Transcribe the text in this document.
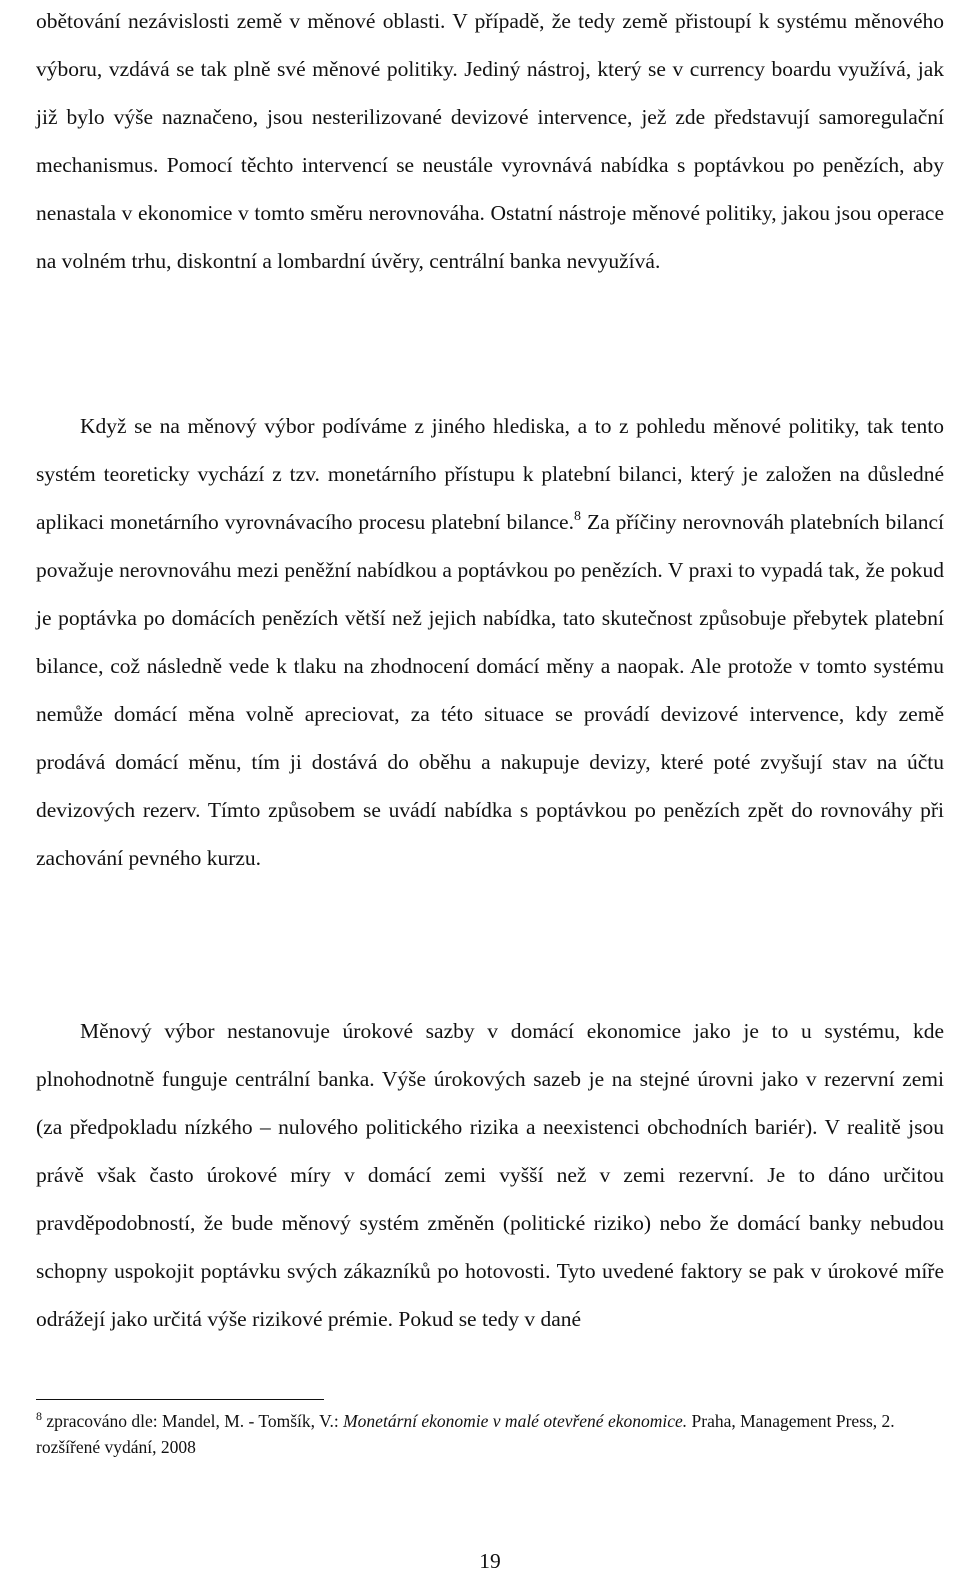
obětování nezávislosti země v měnové oblasti. V případě, že tedy země přistoupí k systému měnového výboru, vzdává se tak plně své měnové politiky. Jediný nástroj, který se v currency boardu využívá, jak již bylo výše naznačeno, jsou nesterilizované devizové intervence, jež zde představují samoregulační mechanismus. Pomocí těchto intervencí se neustále vyrovnává nabídka s poptávkou po penězích, aby nenastala v ekonomice v tomto směru nerovnováha. Ostatní nástroje měnové politiky, jakou jsou operace na volném trhu, diskontní a lombardní úvěry, centrální banka nevyužívá.

Když se na měnový výbor podíváme z jiného hlediska, a to z pohledu měnové politiky, tak tento systém teoreticky vychází z tzv. monetárního přístupu k platební bilanci, který je založen na důsledné aplikaci monetárního vyrovnávacího procesu platební bilance.$^8$ Za příčiny nerovnováh platebních bilancí považuje nerovnováhu mezi peněžní nabídkou a poptávkou po penězích. V praxi to vypadá tak, že pokud je poptávka po domácích penězích větší než jejich nabídka, tato skutečnost způsobuje přebytek platební bilance, což následně vede k tlaku na zhodnocení domácí měny a naopak. Ale protože v tomto systému nemůže domácí měna volně apreciovat, za této situace se provádí devizové intervence, kdy země prodává domácí měnu, tím ji dostává do oběhu a nakupuje devizy, které poté zvyšují stav na účtu devizových rezerv. Tímto způsobem se uvádí nabídka s poptávkou po penězích zpět do rovnováhy při zachování pevného kurzu.

Měnový výbor nestanovuje úrokové sazby v domácí ekonomice jako je to u systému, kde plnohodnotně funguje centrální banka. Výše úrokových sazeb je na stejné úrovni jako v rezervní zemi (za předpokladu nízkého – nulového politického rizika a neexistenci obchodních bariér). V realitě jsou právě však často úrokové míry v domácí zemi vyšší než v zemi rezervní. Je to dáno určitou pravděpodobností, že bude měnový systém změněn (politické riziko) nebo že domácí banky nebudou schopny uspokojit poptávku svých zákazníků po hotovosti. Tyto uvedené faktory se pak v úrokové míře odrážejí jako určitá výše rizikové prémie. Pokud se tedy v dané

$^8$ zpracováno dle: Mandel, M. - Tomšík, V.: Monetární ekonomie v malé otevřené ekonomice. Praha, Management Press, 2. rozšířené vydání, 2008

19
